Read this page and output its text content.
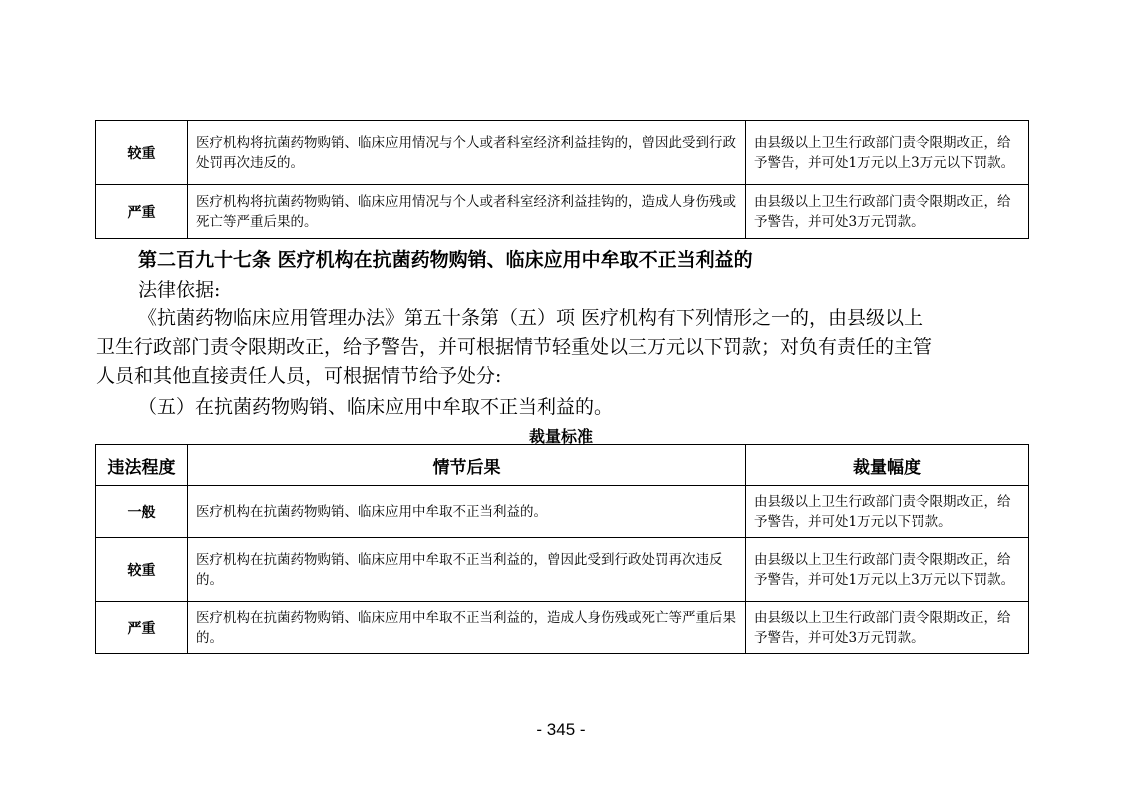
较重	医疗机构将抗菌药物购销、临床应用情况与个人或者科室经济利益挂钩的，曾因此受到行政处罚再次违反的。	由县级以上卫生行政部门责令限期改正，给予警告，并可处1万元以上3万元以下罚款。
严重	医疗机构将抗菌药物购销、临床应用情况与个人或者科室经济利益挂钩的，造成人身伤残或死亡等严重后果的。	由县级以上卫生行政部门责令限期改正，给予警告，并可处3万元罚款。
第二百九十七条 医疗机构在抗菌药物购销、临床应用中牟取不正当利益的
法律依据:
《抗菌药物临床应用管理办法》第五十条第（五）项 医疗机构有下列情形之一的，由县级以上
卫生行政部门责令限期改正，给予警告，并可根据情节轻重处以三万元以下罚款；对负有责任的主管
人员和其他直接责任人员，可根据情节给予处分:
（五）在抗菌药物购销、临床应用中牟取不正当利益的。
裁量标准
违法程度	情节后果	裁量幅度
一般	医疗机构在抗菌药物购销、临床应用中牟取不正当利益的。	由县级以上卫生行政部门责令限期改正，给予警告，并可处1万元以下罚款。
较重	医疗机构在抗菌药物购销、临床应用中牟取不正当利益的，曾因此受到行政处罚再次违反的。	由县级以上卫生行政部门责令限期改正，给予警告，并可处1万元以上3万元以下罚款。
严重	医疗机构在抗菌药物购销、临床应用中牟取不正当利益的，造成人身伤残或死亡等严重后果的。	由县级以上卫生行政部门责令限期改正，给予警告，并可处3万元罚款。
- 345 -
